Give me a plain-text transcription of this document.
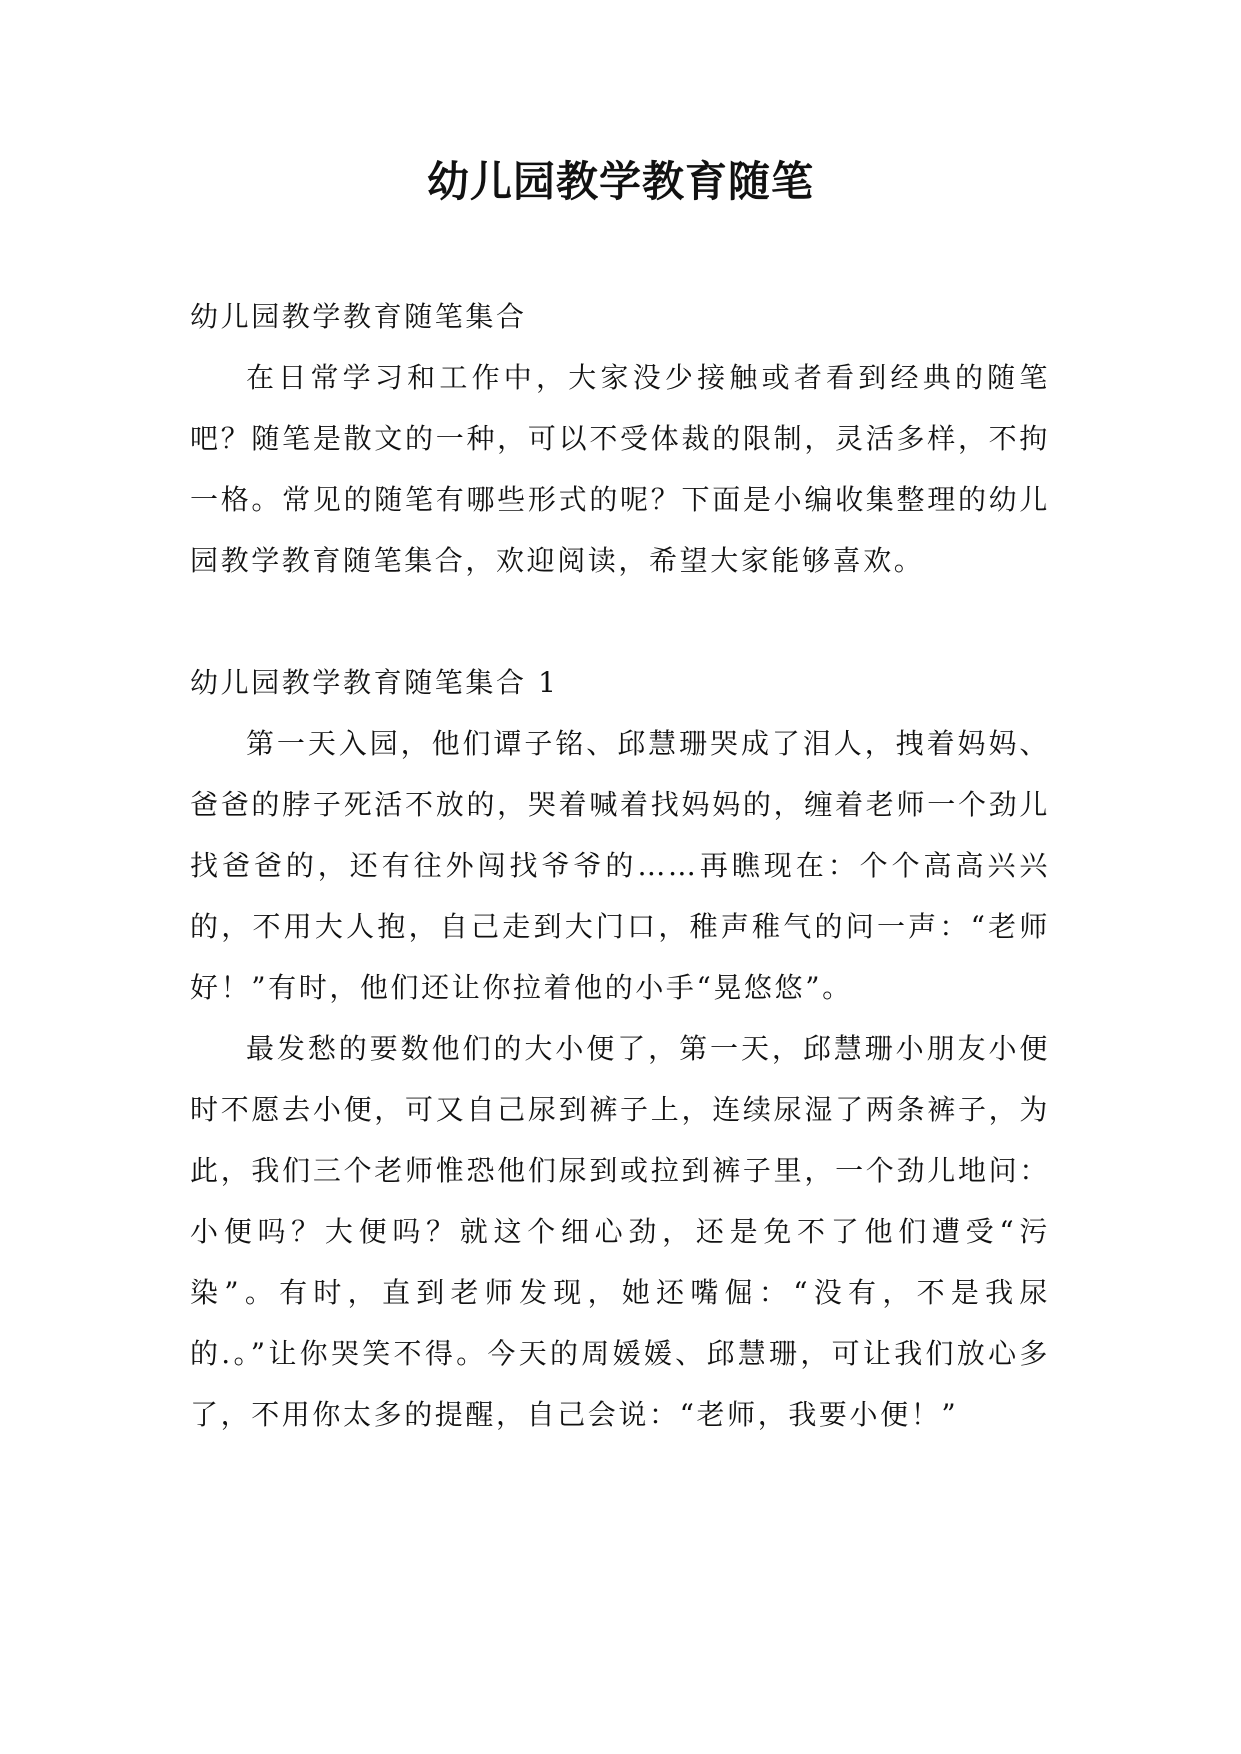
幼儿园教学教育随笔

幼儿园教学教育随笔集合

在日常学习和工作中，大家没少接触或者看到经典的随笔吧？随笔是散文的一种，可以不受体裁的限制，灵活多样，不拘一格。常见的随笔有哪些形式的呢？下面是小编收集整理的幼儿园教学教育随笔集合，欢迎阅读，希望大家能够喜欢。

幼儿园教学教育随笔集合 1

第一天入园，他们谭子铭、邱慧珊哭成了泪人，拽着妈妈、爸爸的脖子死活不放的，哭着喊着找妈妈的，缠着老师一个劲儿找爸爸的，还有往外闯找爷爷的……再瞧现在：个个高高兴兴的，不用大人抱，自己走到大门口，稚声稚气的问一声：“老师好！”有时，他们还让你拉着他的小手“晃悠悠”。

最发愁的要数他们的大小便了，第一天，邱慧珊小朋友小便时不愿去小便，可又自己尿到裤子上，连续尿湿了两条裤子，为此，我们三个老师惟恐他们尿到或拉到裤子里，一个劲儿地问：小便吗？大便吗？就这个细心劲，还是免不了他们遭受“污染”。有时，直到老师发现，她还嘴倔：“没有，不是我尿的.。”让你哭笑不得。今天的周媛媛、邱慧珊，可让我们放心多了，不用你太多的提醒，自己会说：“老师，我要小便！”
